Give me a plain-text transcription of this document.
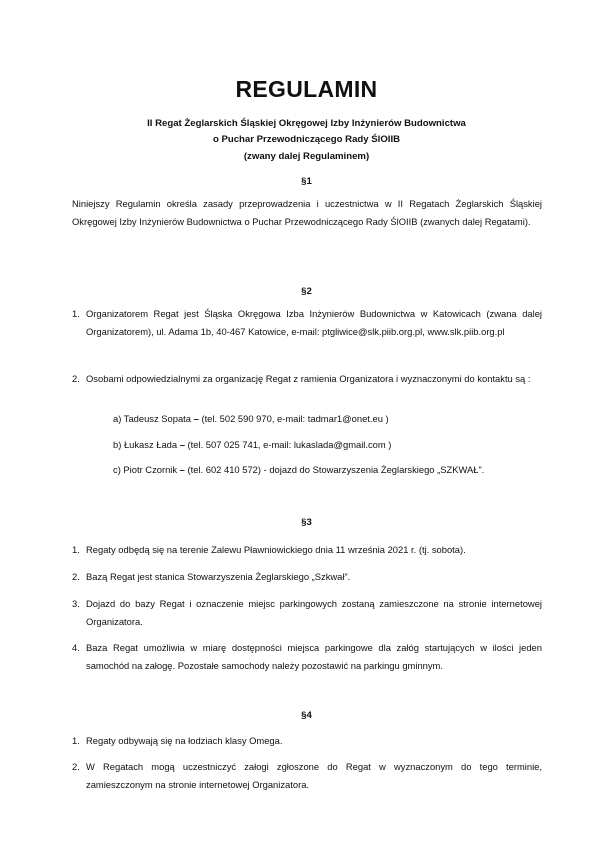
REGULAMIN
II Regat Żeglarskich Śląskiej Okręgowej Izby Inżynierów Budownictwa
o Puchar Przewodniczącego Rady ŚlOIIB
(zwany dalej Regulaminem)
§1
Niniejszy Regulamin określa zasady przeprowadzenia i uczestnictwa w II Regatach Żeglarskich Śląskiej Okręgowej Izby Inżynierów Budownictwa o Puchar Przewodniczącego Rady ŚlOIIB (zwanych dalej Regatami).
§2
1. Organizatorem Regat jest Śląska Okręgowa Izba Inżynierów Budownictwa w Katowicach (zwana dalej Organizatorem), ul. Adama 1b, 40-467 Katowice, e-mail: ptgliwice@slk.piib.org.pl, www.slk.piib.org.pl
2. Osobami odpowiedzialnymi za organizację Regat z ramienia Organizatora i wyznaczonymi do kontaktu są :
a) Tadeusz Sopata – (tel. 502 590 970, e-mail: tadmar1@onet.eu )
b) Łukasz Łada – (tel. 507 025 741, e-mail: lukaslada@gmail.com )
c) Piotr Czornik – (tel. 602 410 572) - dojazd do Stowarzyszenia Żeglarskiego „SZKWAŁ”.
§3
1. Regaty odbędą się na terenie Zalewu Pławniowickiego dnia 11 września 2021 r. (tj. sobota).
2. Bazą Regat jest stanica Stowarzyszenia Żeglarskiego „Szkwał”.
3. Dojazd do bazy Regat i oznaczenie miejsc parkingowych zostaną zamieszczone na stronie internetowej Organizatora.
4. Baza Regat umożliwia w miarę dostępności miejsca parkingowe dla załóg startujących w ilości jeden samochód na załogę. Pozostałe samochody należy pozostawić na parkingu gminnym.
§4
1. Regaty odbywają się na łodziach klasy Omega.
2. W Regatach mogą uczestniczyć załogi zgłoszone do Regat w wyznaczonym do tego terminie, zamieszczonym na stronie internetowej Organizatora.
